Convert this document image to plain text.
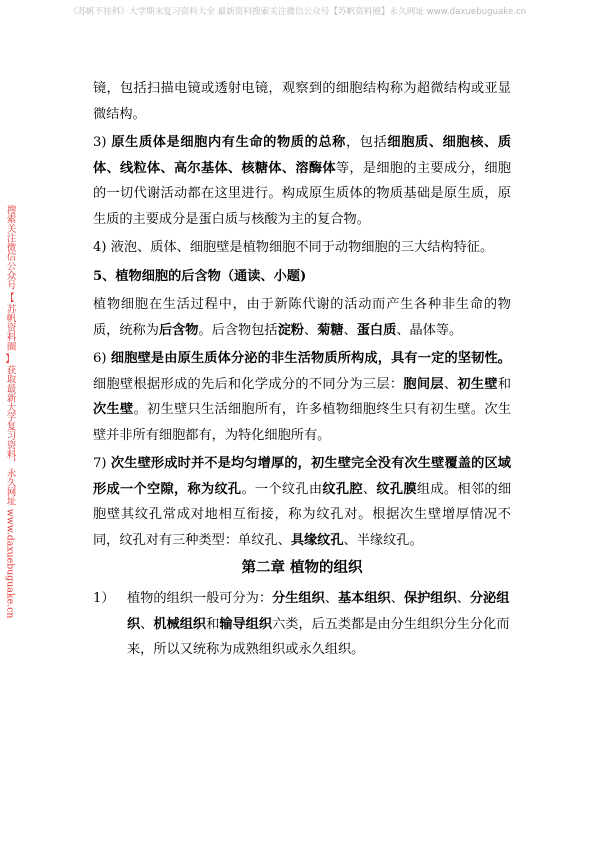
《苏帆不挂科》大学期末复习资料大全 最新资料搜索关注微信公众号【苏帆资料圈】永久网址 www.daxuebuguake.cn
搜索关注微信公众号
【
苏帆资料圈
】
获取最新大学复习资料，永久网址 www.daxuebuguake.cn
镜，包括扫描电镜或透射电镜，观察到的细胞结构称为超微结构或亚显微结构。
3) 原生质体是细胞内有生命的物质的总称，包括细胞质、细胞核、质体、线粒体、高尔基体、核糖体、溶酶体等，是细胞的主要成分，细胞的一切代谢活动都在这里进行。构成原生质体的物质基础是原生质，原生质的主要成分是蛋白质与核酸为主的复合物。
4) 液泡、质体、细胞壁是植物细胞不同于动物细胞的三大结构特征。
5、植物细胞的后含物（通读、小题)
植物细胞在生活过程中，由于新陈代谢的活动而产生各种非生命的物质，统称为后含物。后含物包括淀粉、菊糖、蛋白质、晶体等。
6) 细胞壁是由原生质体分泌的非生活物质所构成，具有一定的坚韧性。细胞壁根据形成的先后和化学成分的不同分为三层：胞间层、初生壁和次生壁。初生壁只生活细胞所有，许多植物细胞终生只有初生壁。次生壁并非所有细胞都有，为特化细胞所有。
7) 次生壁形成时并不是均匀增厚的，初生壁完全没有次生壁覆盖的区域形成一个空隙，称为纹孔。一个纹孔由纹孔腔、纹孔膜组成。相邻的细胞壁其纹孔常成对地相互衔接，称为纹孔对。根据次生壁增厚情况不同，纹孔对有三种类型：单纹孔、具缘纹孔、半缘纹孔。
第二章 植物的组织
1） 植物的组织一般可分为：分生组织、基本组织、保护组织、分泌组织、机械组织和输导组织六类，后五类都是由分生组织分生分化而来，所以又统称为成熟组织或永久组织。
